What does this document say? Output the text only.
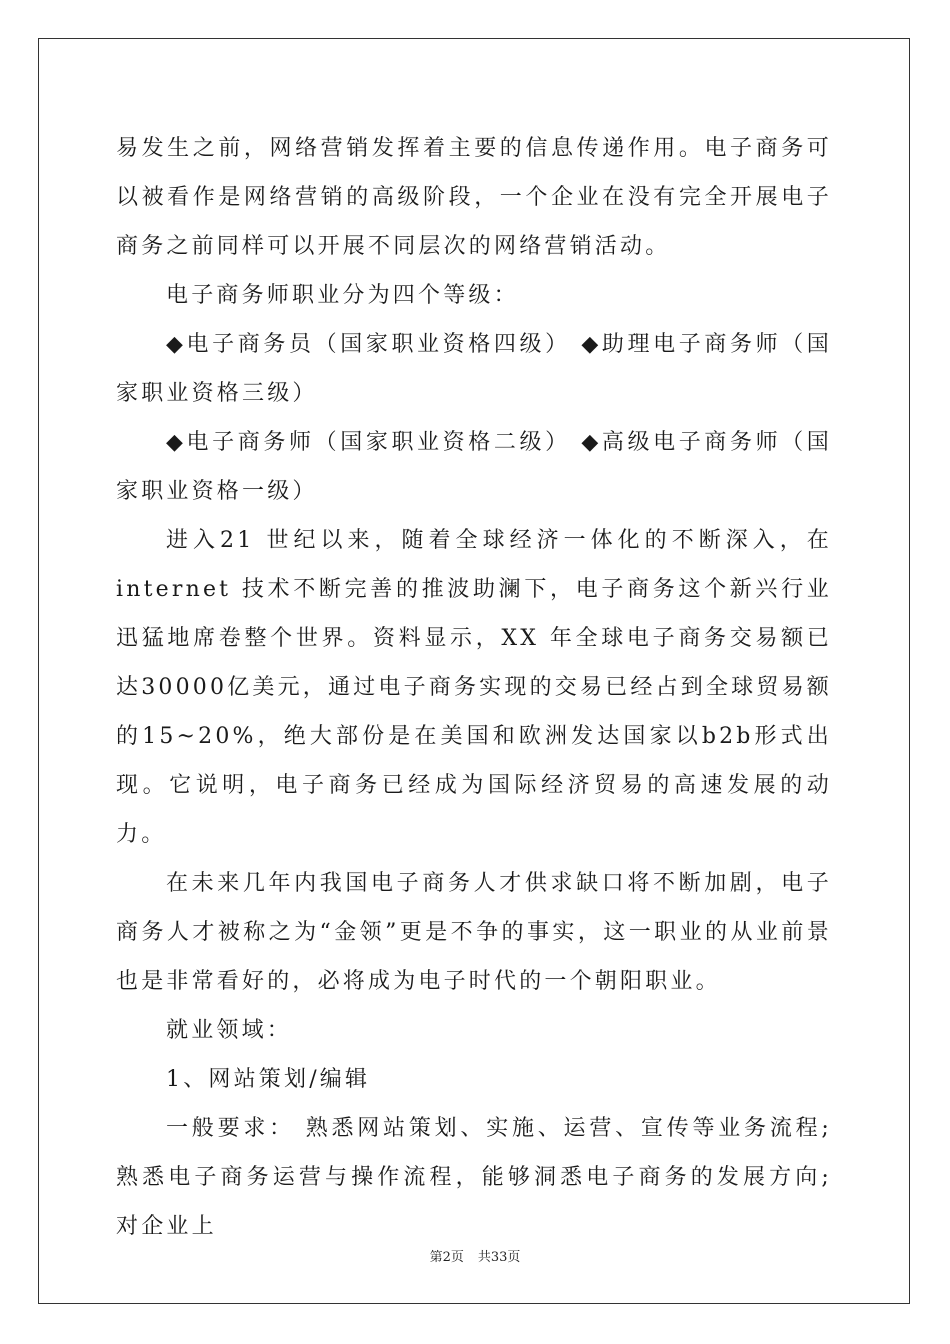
易发生之前，网络营销发挥着主要的信息传递作用。电子商务可以被看作是网络营销的高级阶段，一个企业在没有完全开展电子商务之前同样可以开展不同层次的网络营销活动。

电子商务师职业分为四个等级：

◆电子商务员（国家职业资格四级） ◆助理电子商务师（国家职业资格三级）

◆电子商务师（国家职业资格二级） ◆高级电子商务师（国家职业资格一级）

进入21 世纪以来，随着全球经济一体化的不断深入，在internet 技术不断完善的推波助澜下，电子商务这个新兴行业迅猛地席卷整个世界。资料显示，XX 年全球电子商务交易额已达30000亿美元，通过电子商务实现的交易已经占到全球贸易额的15~20%，绝大部份是在美国和欧洲发达国家以b2b形式出现。它说明，电子商务已经成为国际经济贸易的高速发展的动力。

在未来几年内我国电子商务人才供求缺口将不断加剧，电子商务人才被称之为“金领”更是不争的事实，这一职业的从业前景也是非常看好的，必将成为电子时代的一个朝阳职业。

就业领域：

1、网站策划/编辑

一般要求： 熟悉网站策划、实施、运营、宣传等业务流程;熟悉电子商务运营与操作流程，能够洞悉电子商务的发展方向;对企业上

第2页 共33页
